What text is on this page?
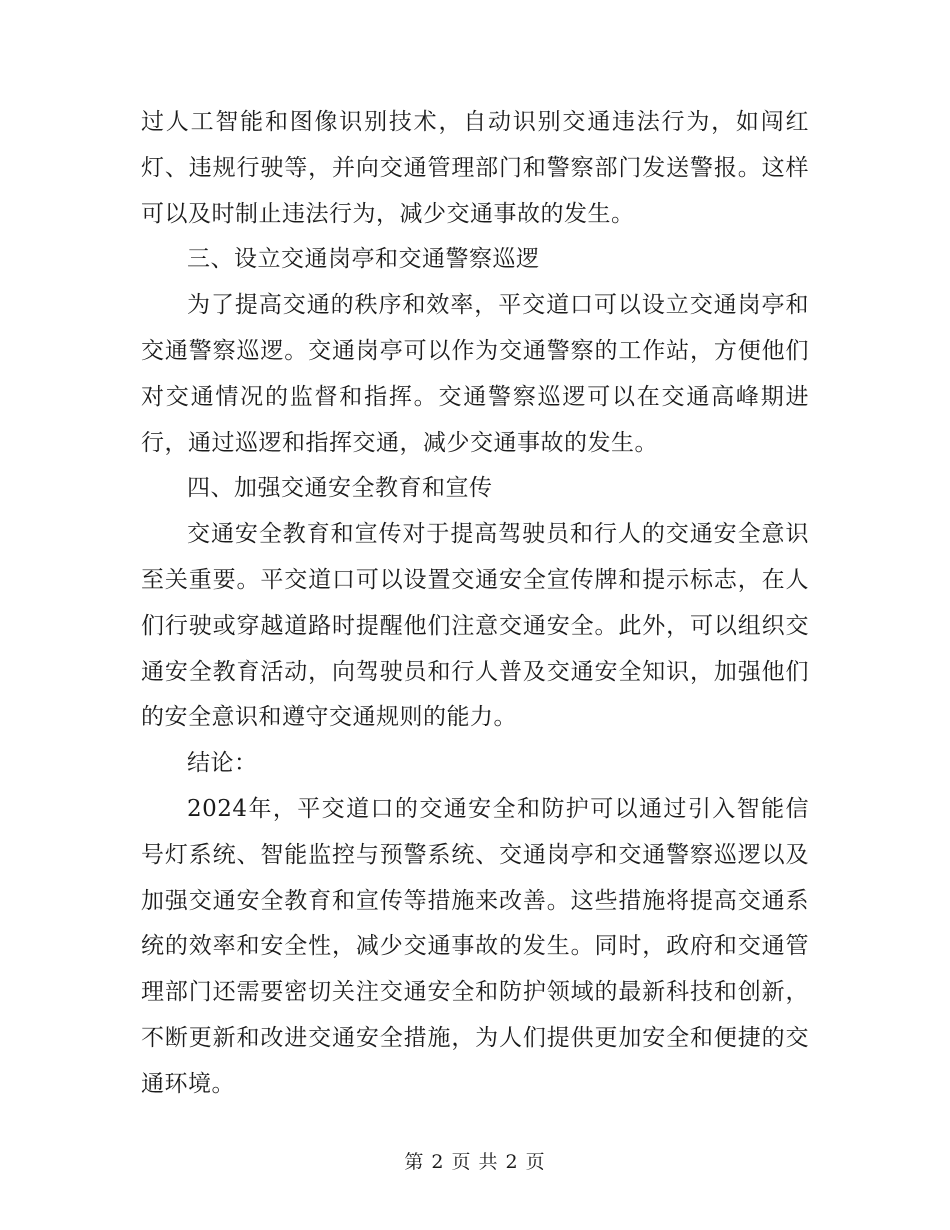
过人工智能和图像识别技术，自动识别交通违法行为，如闯红灯、违规行驶等，并向交通管理部门和警察部门发送警报。这样可以及时制止违法行为，减少交通事故的发生。

三、设立交通岗亭和交通警察巡逻

为了提高交通的秩序和效率，平交道口可以设立交通岗亭和交通警察巡逻。交通岗亭可以作为交通警察的工作站，方便他们对交通情况的监督和指挥。交通警察巡逻可以在交通高峰期进行，通过巡逻和指挥交通，减少交通事故的发生。

四、加强交通安全教育和宣传

交通安全教育和宣传对于提高驾驶员和行人的交通安全意识至关重要。平交道口可以设置交通安全宣传牌和提示标志，在人们行驶或穿越道路时提醒他们注意交通安全。此外，可以组织交通安全教育活动，向驾驶员和行人普及交通安全知识，加强他们的安全意识和遵守交通规则的能力。

结论：

2024年，平交道口的交通安全和防护可以通过引入智能信号灯系统、智能监控与预警系统、交通岗亭和交通警察巡逻以及加强交通安全教育和宣传等措施来改善。这些措施将提高交通系统的效率和安全性，减少交通事故的发生。同时，政府和交通管理部门还需要密切关注交通安全和防护领域的最新科技和创新，不断更新和改进交通安全措施，为人们提供更加安全和便捷的交通环境。

第 2 页 共 2 页
